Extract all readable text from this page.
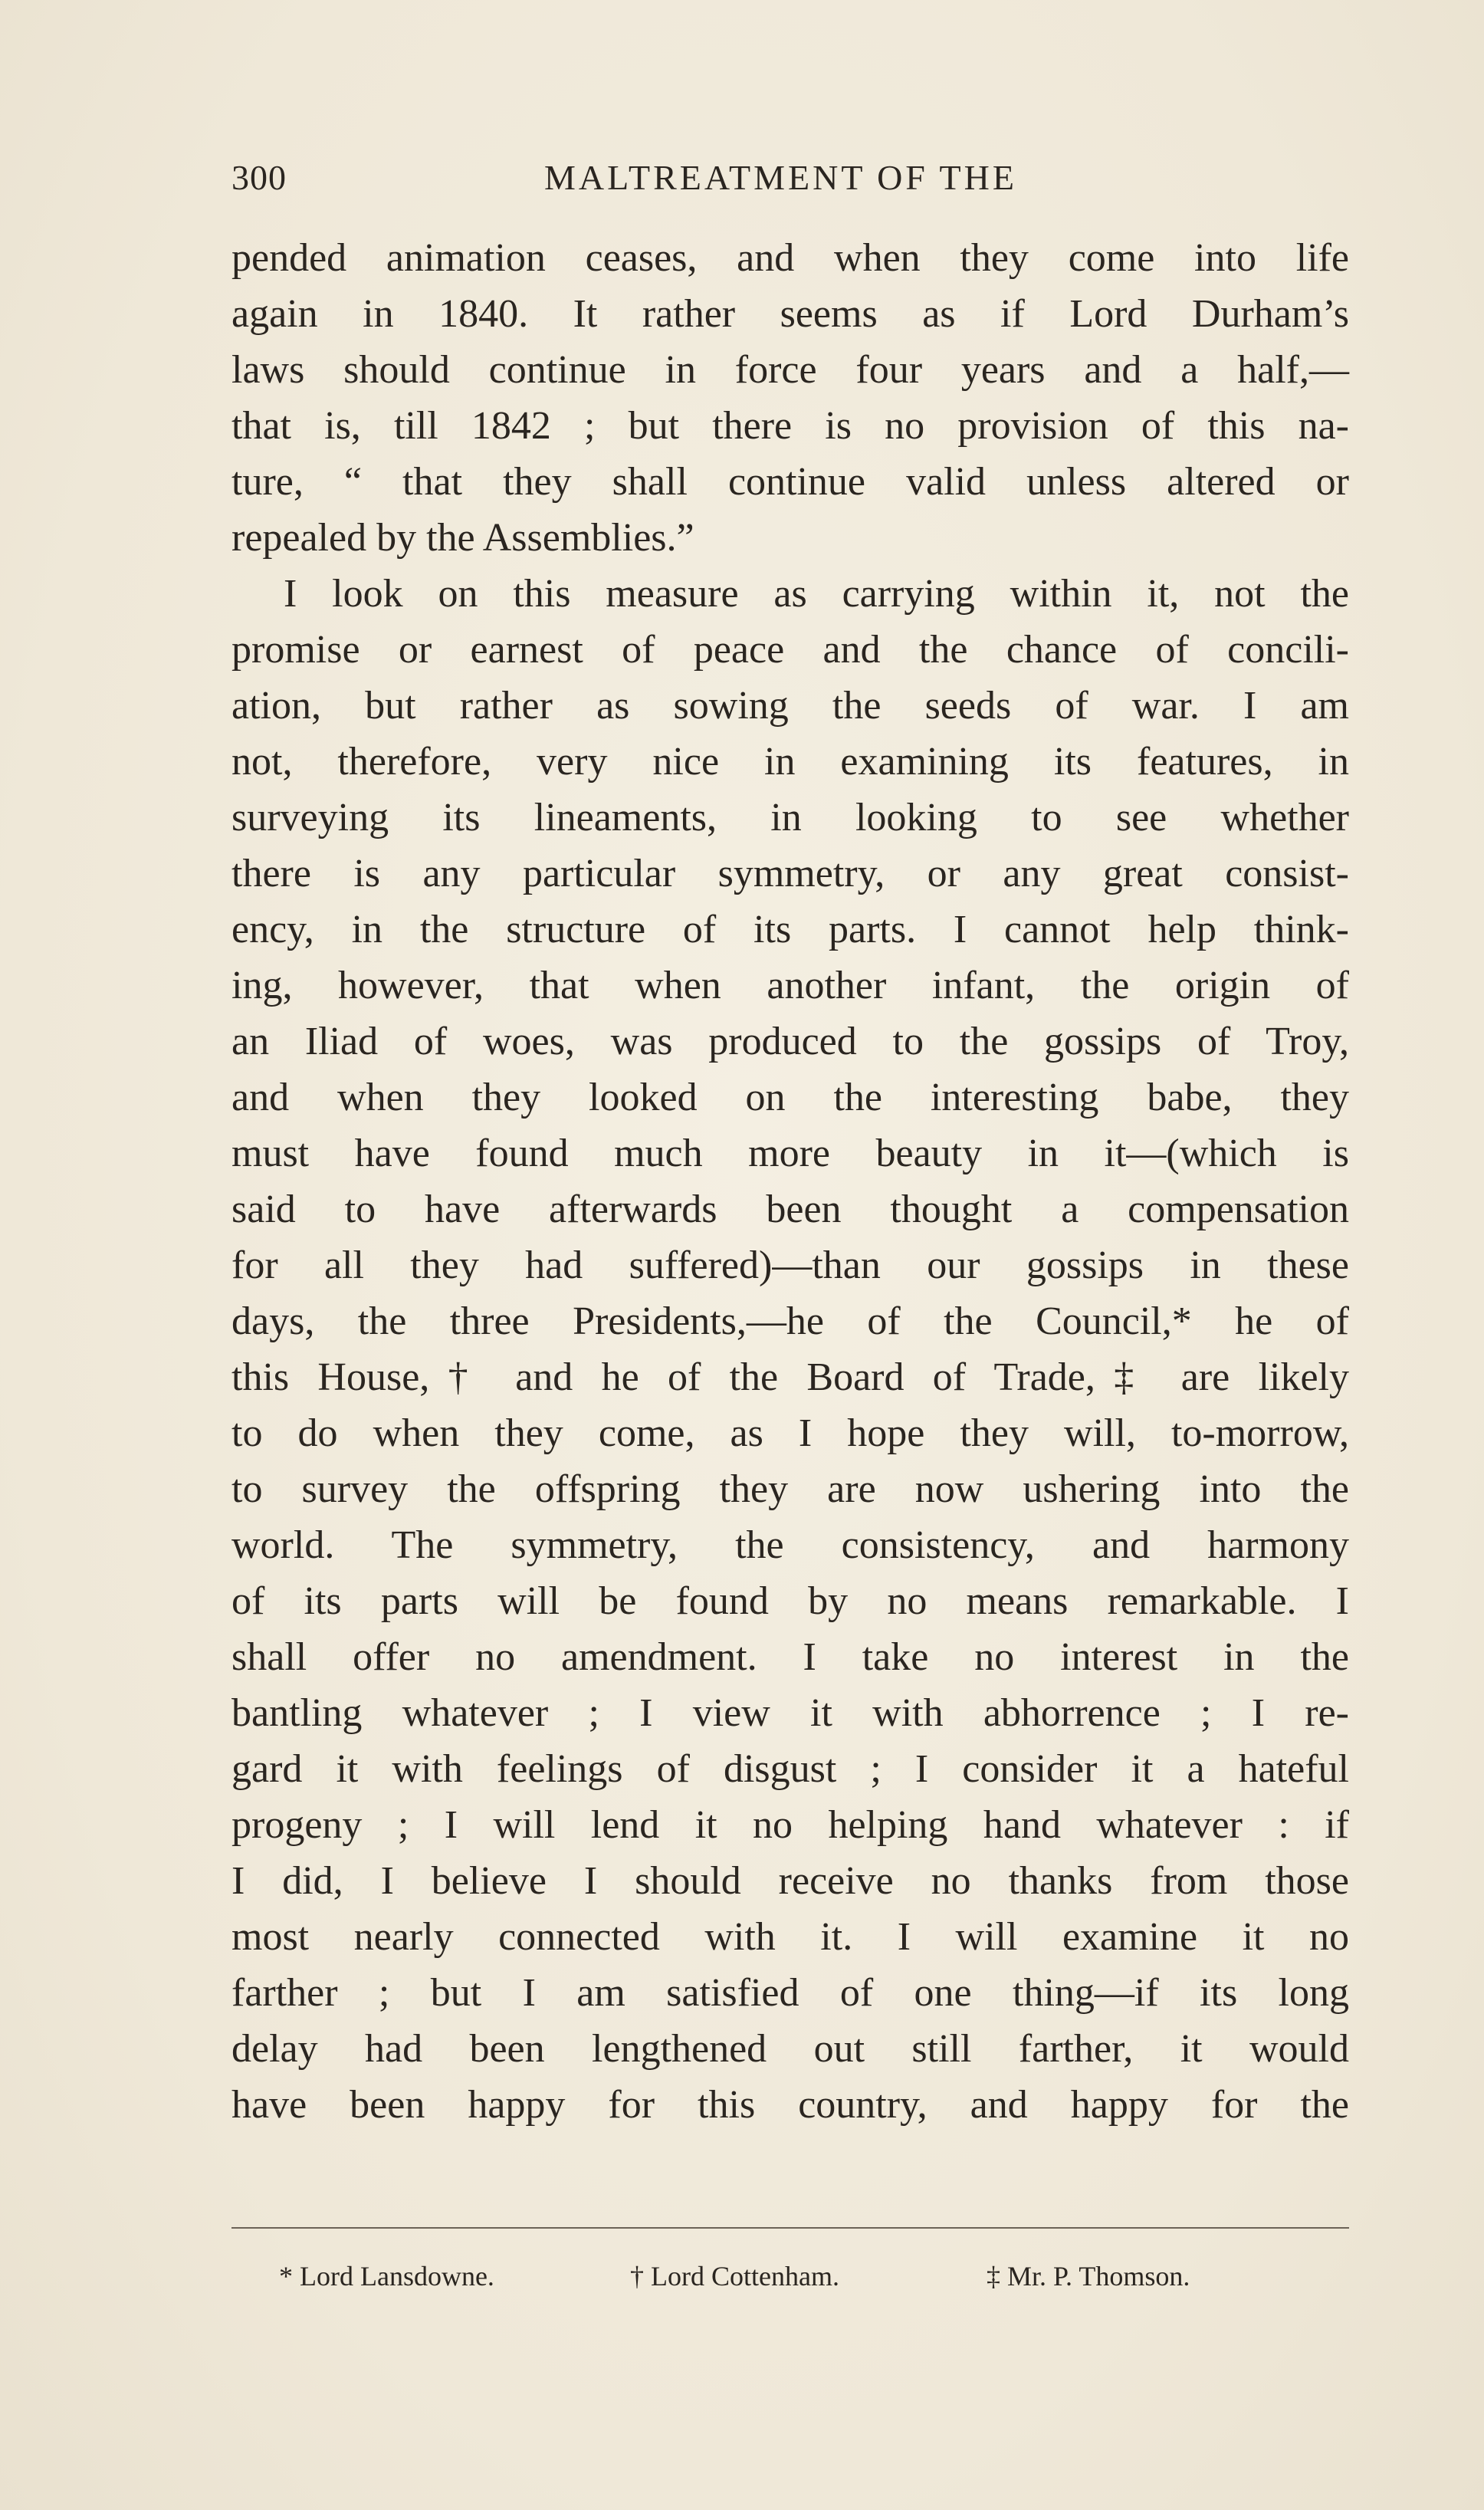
300	MALTREATMENT OF THE
pended animation ceases, and when they come into life
again in 1840. It rather seems as if Lord Durham’s
laws should continue in force four years and a half,—
that is, till 1842 ; but there is no provision of this na-
ture, “ that they shall continue valid unless altered or
repealed by the Assemblies.”
I look on this measure as carrying within it, not the
promise or earnest of peace and the chance of concili-
ation, but rather as sowing the seeds of war. I am
not, therefore, very nice in examining its features, in
surveying its lineaments, in looking to see whether
there is any particular symmetry, or any great consist-
ency, in the structure of its parts. I cannot help think-
ing, however, that when another infant, the origin of
an Iliad of woes, was produced to the gossips of Troy,
and when they looked on the interesting babe, they
must have found much more beauty in it—(which is
said to have afterwards been thought a compensation
for all they had suffered)—than our gossips in these
days, the three Presidents,—he of the Council,* he of
this House,† and he of the Board of Trade,‡ are likely
to do when they come, as I hope they will, to-morrow,
to survey the offspring they are now ushering into the
world. The symmetry, the consistency, and harmony
of its parts will be found by no means remarkable. I
shall offer no amendment. I take no interest in the
bantling whatever ; I view it with abhorrence ; I re-
gard it with feelings of disgust ; I consider it a hateful
progeny ; I will lend it no helping hand whatever : if
I did, I believe I should receive no thanks from those
most nearly connected with it. I will examine it no
farther ; but I am satisfied of one thing—if its long
delay had been lengthened out still farther, it would
have been happy for this country, and happy for the
* Lord Lansdowne.	† Lord Cottenham.	‡ Mr. P. Thomson.
